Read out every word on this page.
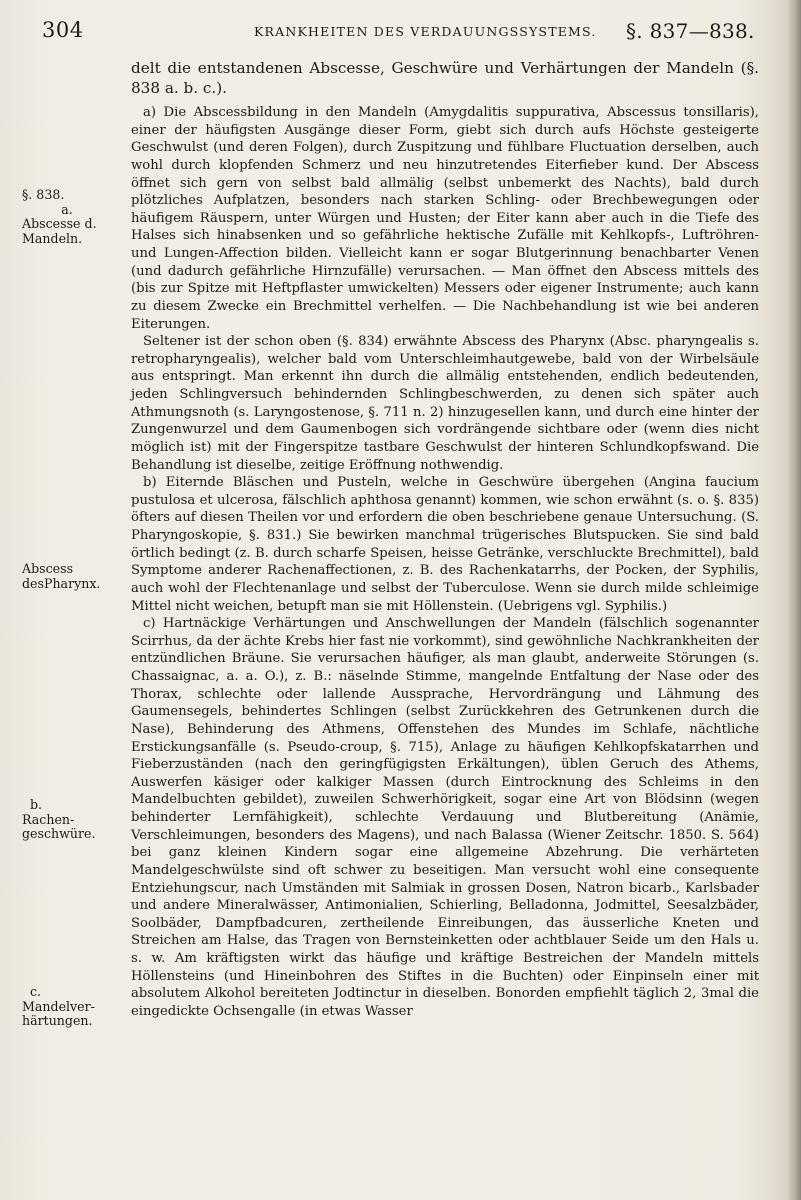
304	KRANKHEITEN DES VERDAUUNGSSYSTEMS. §. 837—838.
§. 838.
a.
Abscesse d.
Mandeln.
Abscess
desPharynx.
b.
Rachen-
geschwüre.
c.
Mandelver-
härtungen.

delt die entstandenen Abscesse, Geschwüre und Verhärtungen der Mandeln (§. 838 a. b. c.).

a) Die Abscessbildung in den Mandeln (Amygdalitis suppurativa, Abscessus tonsillaris), einer der häufigsten Ausgänge dieser Form, giebt sich durch aufs Höchste gesteigerte Geschwulst (und deren Folgen), durch Zuspitzung und fühlbare Fluctuation derselben, auch wohl durch klopfenden Schmerz und neu hinzutretendes Eiterfieber kund. Der Abscess öffnet sich gern von selbst bald allmälig (selbst unbemerkt des Nachts), bald durch plötzliches Aufplatzen, besonders nach starken Schling- oder Brechbewegungen oder häufigem Räuspern, unter Würgen und Husten; der Eiter kann aber auch in die Tiefe des Halses sich hinabsenken und so gefährliche hektische Zufälle mit Kehlkopfs-, Luftröhren- und Lungen-Affection bilden. Vielleicht kann er sogar Blutgerinnung benachbarter Venen (und dadurch gefährliche Hirnzufälle) verursachen. — Man öffnet den Abscess mittels des (bis zur Spitze mit Heftpflaster umwickelten) Messers oder eigener Instrumente; auch kann zu diesem Zwecke ein Brechmittel verhelfen. — Die Nachbehandlung ist wie bei anderen Eiterungen.

Seltener ist der schon oben (§. 834) erwähnte Abscess des Pharynx (Absc. pharyngealis s. retropharyngealis), welcher bald vom Unterschleimhautgewebe, bald von der Wirbelsäule aus entspringt. Man erkennt ihn durch die allmälig entstehenden, endlich bedeutenden, jeden Schlingversuch behindernden Schlingbeschwerden, zu denen sich später auch Athmungsnoth (s. Laryngostenose, §. 711 n. 2) hinzugesellen kann, und durch eine hinter der Zungenwurzel und dem Gaumenbogen sich vordrängende sichtbare oder (wenn dies nicht möglich ist) mit der Fingerspitze tastbare Geschwulst der hinteren Schlundkopfswand. Die Behandlung ist dieselbe, zeitige Eröffnung nothwendig.

b) Eiternde Bläschen und Pusteln, welche in Geschwüre übergehen (Angina faucium pustulosa et ulcerosa, fälschlich aphthosa genannt) kommen, wie schon erwähnt (s. o. §. 835) öfters auf diesen Theilen vor und erfordern die oben beschriebene genaue Untersuchung. (S. Pharyngoskopie, §. 831.) Sie bewirken manchmal trügerisches Blutspucken. Sie sind bald örtlich bedingt (z. B. durch scharfe Speisen, heisse Getränke, verschluckte Brechmittel), bald Symptome anderer Rachenaffectionen, z. B. des Rachenkatarrhs, der Pocken, der Syphilis, auch wohl der Flechtenanlage und selbst der Tuberculose. Wenn sie durch milde schleimige Mittel nicht weichen, betupft man sie mit Höllenstein. (Uebrigens vgl. Syphilis.)

c) Hartnäckige Verhärtungen und Anschwellungen der Mandeln (fälschlich sogenannter Scirrhus, da der ächte Krebs hier fast nie vorkommt), sind gewöhnliche Nachkrankheiten der entzündlichen Bräune. Sie verursachen häufiger, als man glaubt, anderweite Störungen (s. Chassaignac, a. a. O.), z. B.: näselnde Stimme, mangelnde Entfaltung der Nase oder des Thorax, schlechte oder lallende Aussprache, Hervordrängung und Lähmung des Gaumensegels, behindertes Schlingen (selbst Zurückkehren des Getrunkenen durch die Nase), Behinderung des Athmens, Offenstehen des Mundes im Schlafe, nächtliche Erstickungsanfälle (s. Pseudo-croup, §. 715), Anlage zu häufigen Kehlkopfskatarrhen und Fieberzuständen (nach den geringfügigsten Erkältungen), üblen Geruch des Athems, Auswerfen käsiger oder kalkiger Massen (durch Eintrocknung des Schleims in den Mandelbuchten gebildet), zuweilen Schwerhörigkeit, sogar eine Art von Blödsinn (wegen behinderter Lernfähigkeit), schlechte Verdauung und Blutbereitung (Anämie, Verschleimungen, besonders des Magens), und nach Balassa (Wiener Zeitschr. 1850. S. 564) bei ganz kleinen Kindern sogar eine allgemeine Abzehrung. Die verhärteten Mandelgeschwülste sind oft schwer zu beseitigen. Man versucht wohl eine consequente Entziehungscur, nach Umständen mit Salmiak in grossen Dosen, Natron bicarb., Karlsbader und andere Mineralwässer, Antimonialien, Schierling, Belladonna, Jodmittel, Seesalzbäder, Soolbäder, Dampfbadcuren, zertheilende Einreibungen, das äusserliche Kneten und Streichen am Halse, das Tragen von Bernsteinketten oder achtblauer Seide um den Hals u. s. w. Am kräftigsten wirkt das häufige und kräftige Bestreichen der Mandeln mittels Höllensteins (und Hineinbohren des Stiftes in die Buchten) oder Einpinseln einer mit absolutem Alkohol bereiteten Jodtinctur in dieselben. Bonorden empfiehlt täglich 2, 3mal die eingedickte Ochsengalle (in etwas Wasser
